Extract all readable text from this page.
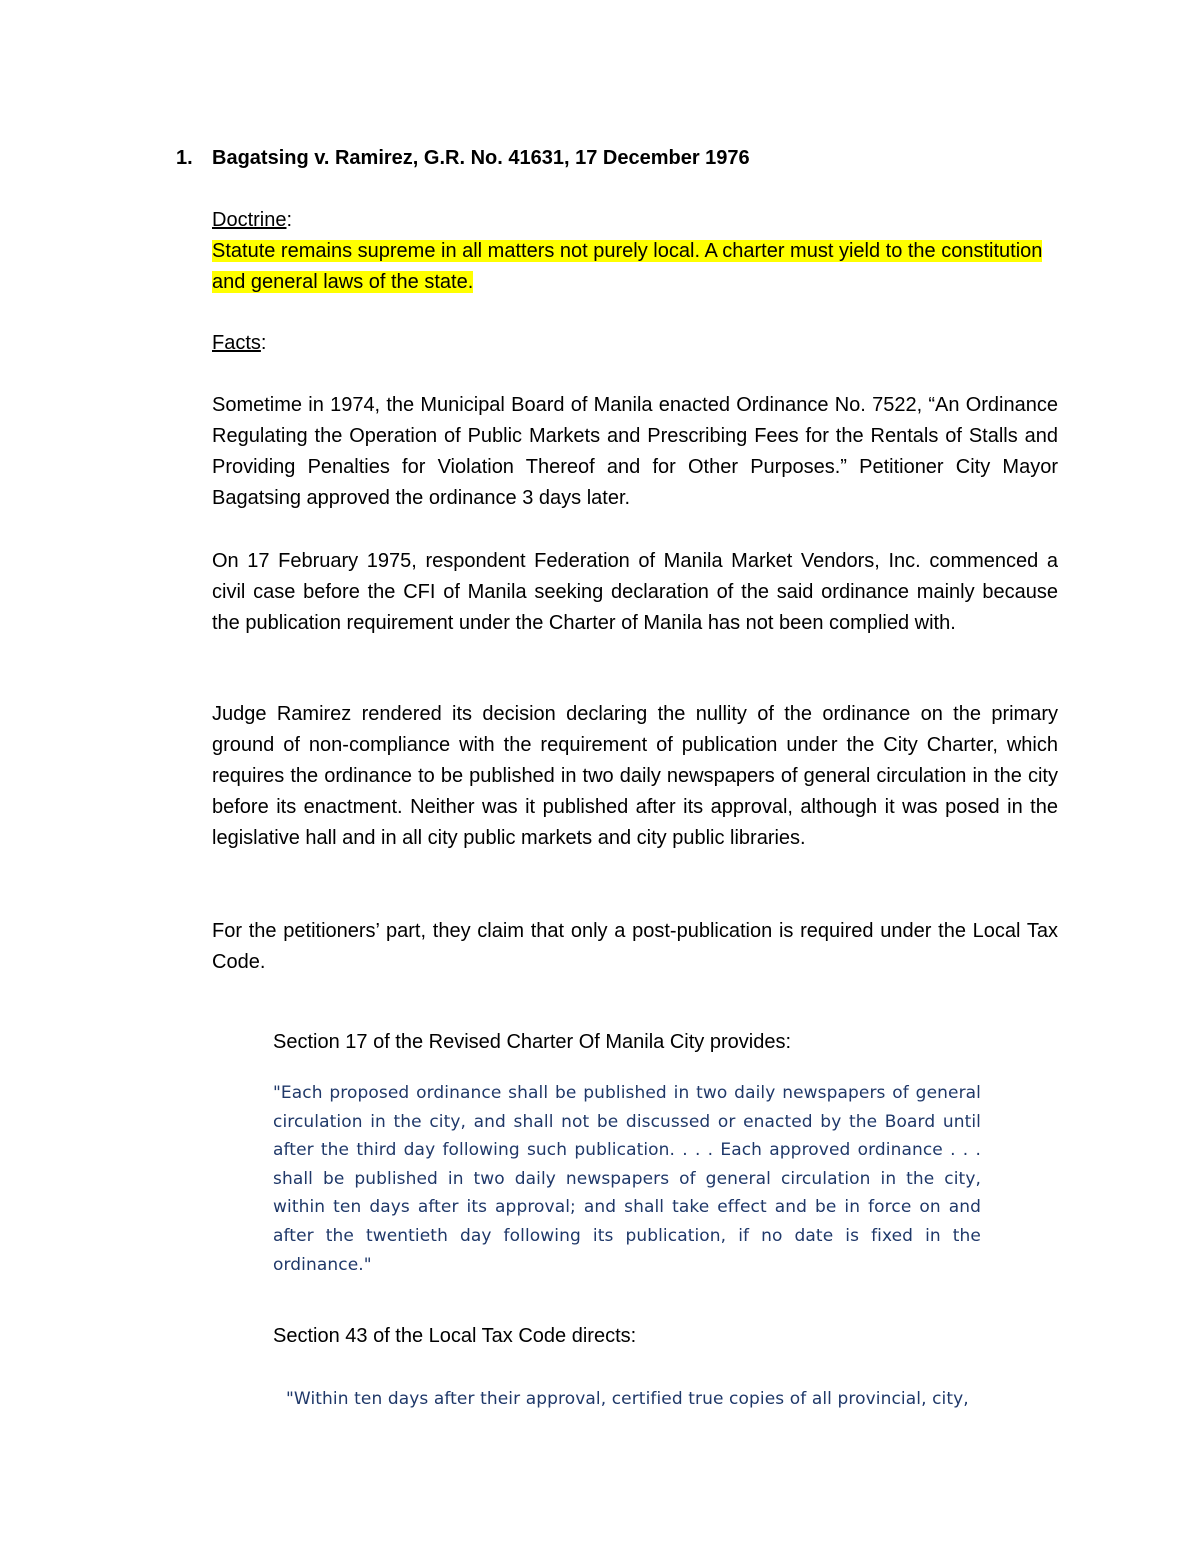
1. Bagatsing v. Ramirez, G.R. No. 41631, 17 December 1976
Doctrine:
Statute remains supreme in all matters not purely local. A charter must yield to the constitution and general laws of the state.
Facts:
Sometime in 1974, the Municipal Board of Manila enacted Ordinance No. 7522, “An Ordinance Regulating the Operation of Public Markets and Prescribing Fees for the Rentals of Stalls and Providing Penalties for Violation Thereof and for Other Purposes.” Petitioner City Mayor Bagatsing approved the ordinance 3 days later.
On 17 February 1975, respondent Federation of Manila Market Vendors, Inc. commenced a civil case before the CFI of Manila seeking declaration of the said ordinance mainly because the publication requirement under the Charter of Manila has not been complied with.
Judge Ramirez rendered its decision declaring the nullity of the ordinance on the primary ground of non-compliance with the requirement of publication under the City Charter, which requires the ordinance to be published in two daily newspapers of general circulation in the city before its enactment. Neither was it published after its approval, although it was posed in the legislative hall and in all city public markets and city public libraries.
For the petitioners’ part, they claim that only a post-publication is required under the Local Tax Code.
Section 17 of the Revised Charter Of Manila City provides:
"Each proposed ordinance shall be published in two daily newspapers of general circulation in the city, and shall not be discussed or enacted by the Board until after the third day following such publication. . . . Each approved ordinance . . . shall be published in two daily newspapers of general circulation in the city, within ten days after its approval; and shall take effect and be in force on and after the twentieth day following its publication, if no date is fixed in the ordinance."
Section 43 of the Local Tax Code directs:
"Within ten days after their approval, certified true copies of all provincial, city,
